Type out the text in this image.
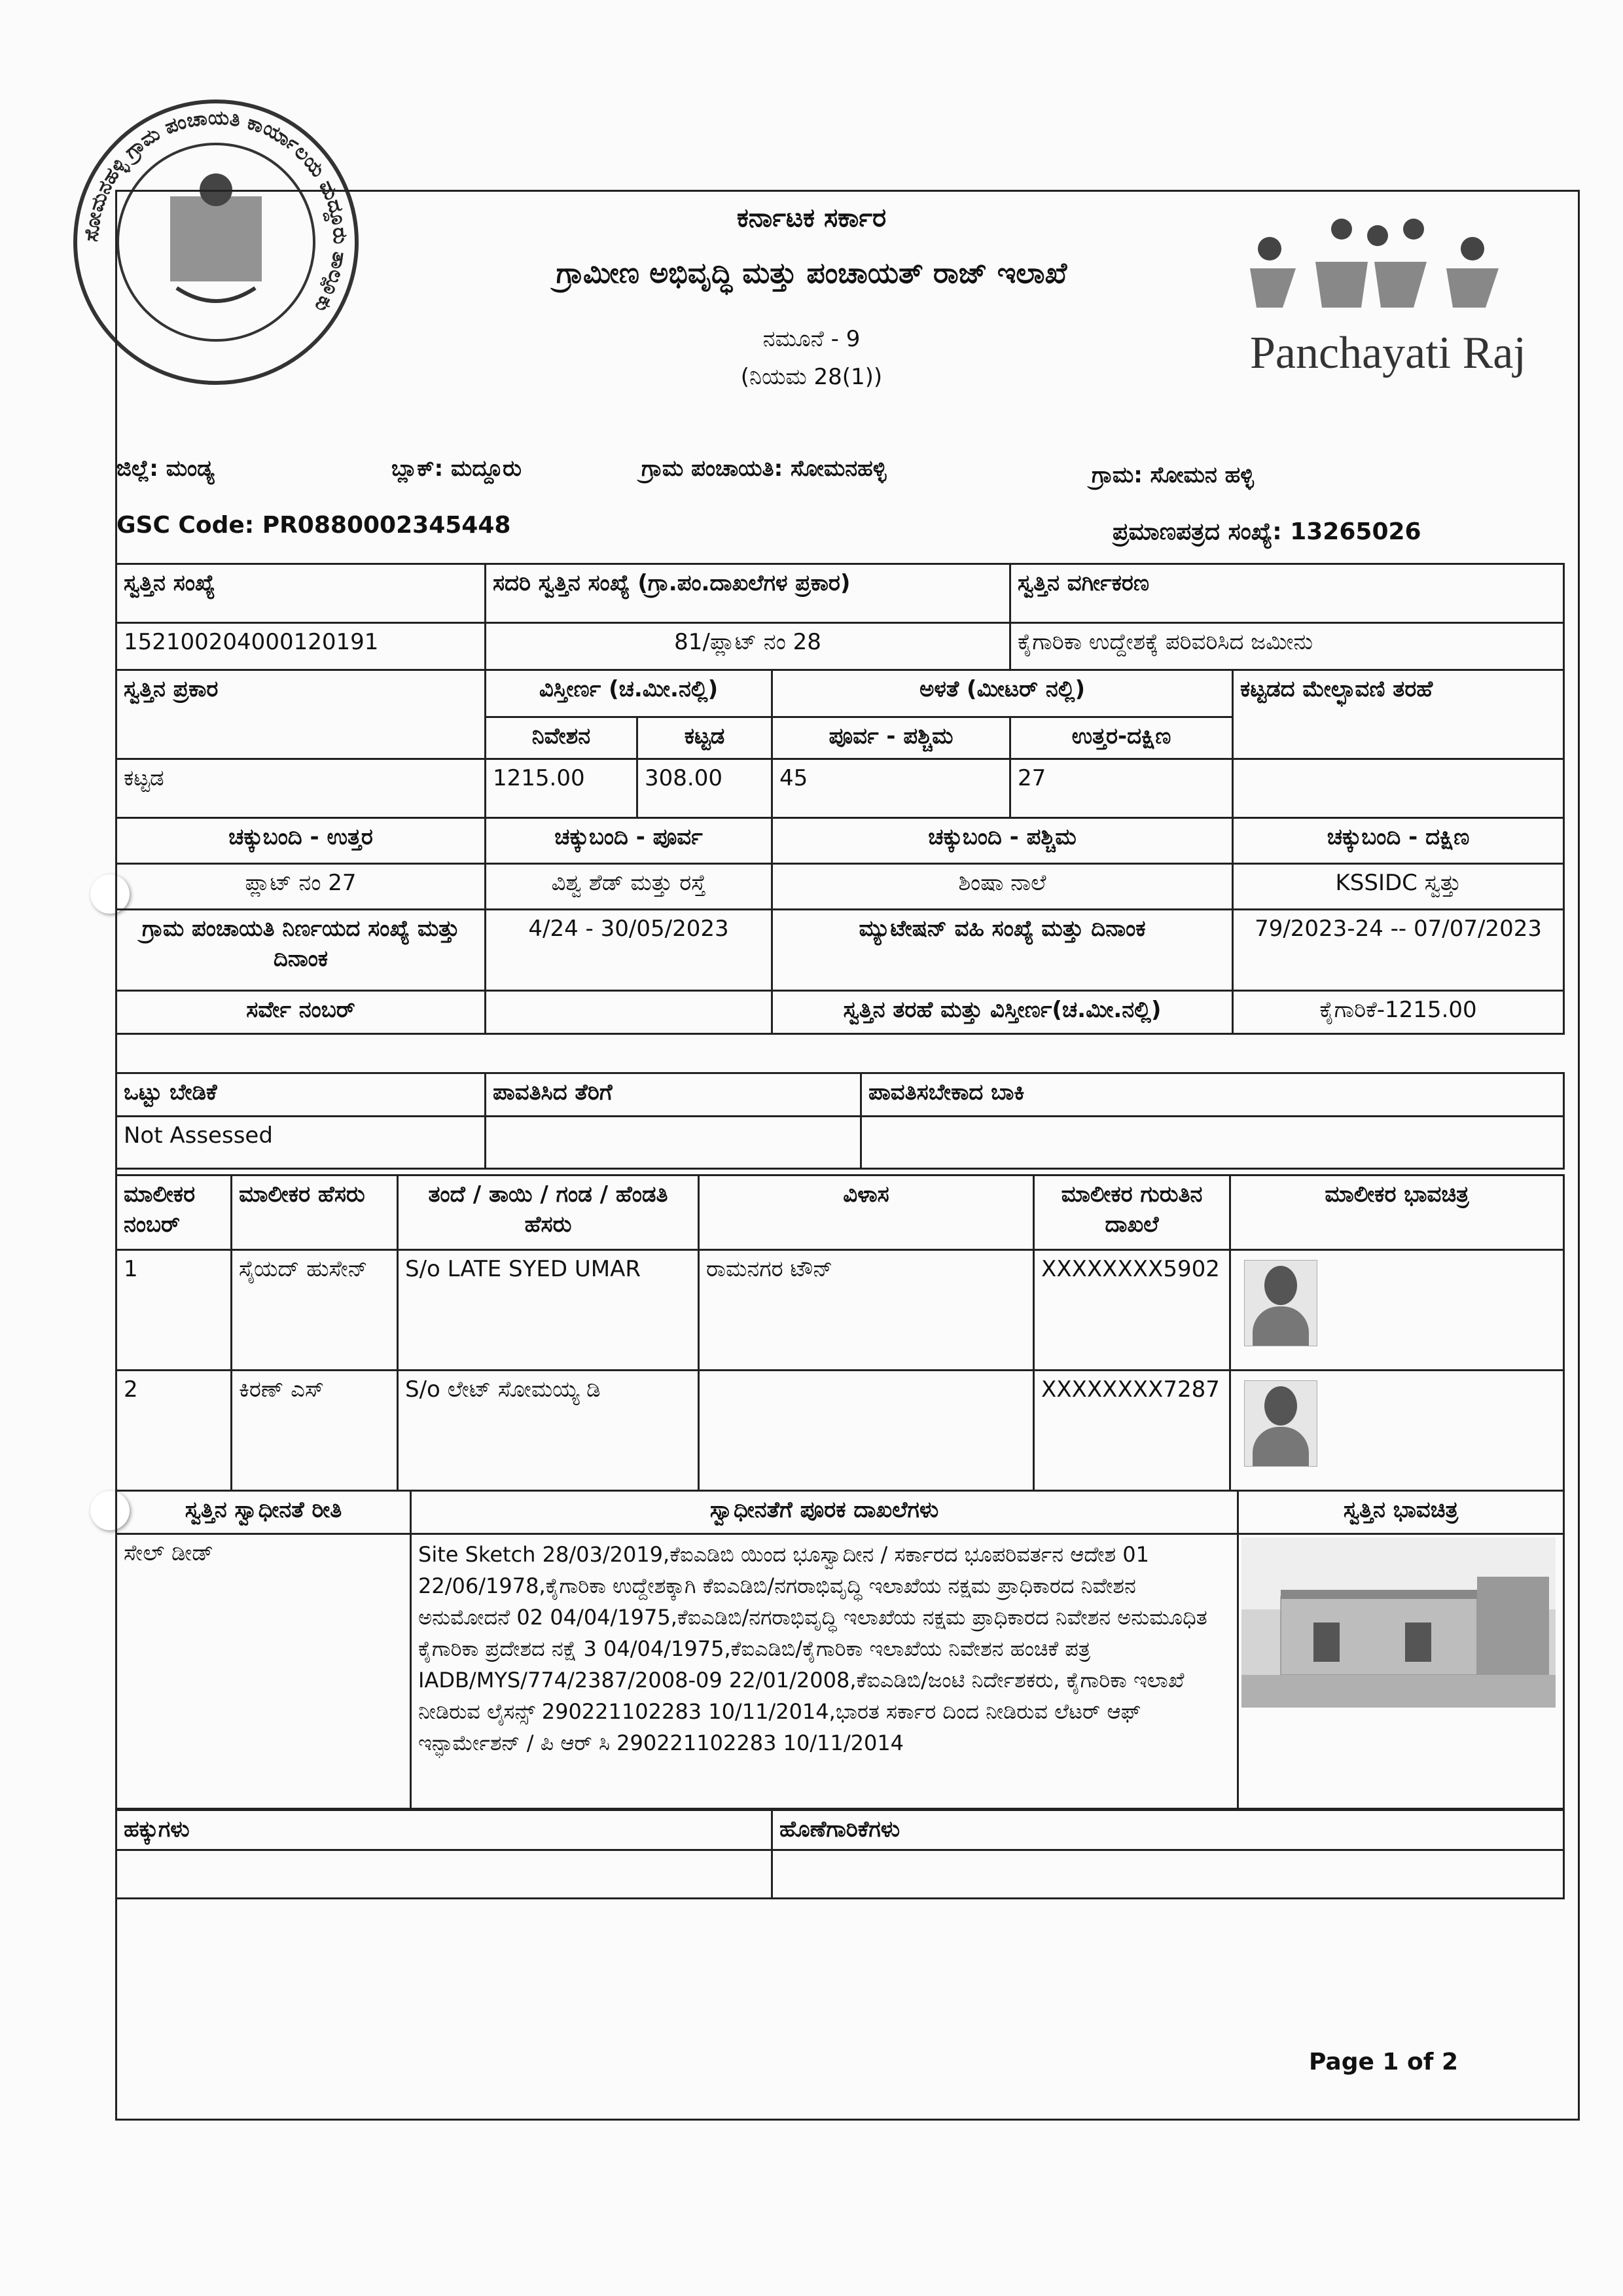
ಸೋಮನಹಳ್ಳಿ ಗ್ರಾಮ ಪಂಚಾಯತಿ ಕಾರ್ಯಾಲಯ ಮದ್ದೂರು ತಾಲ್ಲೂಕು
Panchayati Raj
ಕರ್ನಾಟಕ ಸರ್ಕಾರ
ಗ್ರಾಮೀಣ ಅಭಿವೃದ್ಧಿ ಮತ್ತು ಪಂಚಾಯತ್ ರಾಜ್ ಇಲಾಖೆ
ನಮೂನೆ - 9
(ನಿಯಮ 28(1))
ಜಿಲ್ಲೆ: ಮಂಡ್ಯ	ಬ್ಲಾಕ್: ಮದ್ದೂರು	ಗ್ರಾಮ ಪಂಚಾಯತಿ: ಸೋಮನಹಳ್ಳಿ	ಗ್ರಾಮ: ಸೋಮನ ಹಳ್ಳಿ
GSC Code: PR0880002345448	ಪ್ರಮಾಣಪತ್ರದ ಸಂಖ್ಯೆ: 13265026
ಸ್ವತ್ತಿನ ಸಂಖ್ಯೆ	ಸದರಿ ಸ್ವತ್ತಿನ ಸಂಖ್ಯೆ (ಗ್ರಾ.ಪಂ.ದಾಖಲೆಗಳ ಪ್ರಕಾರ)			ಸ್ವತ್ತಿನ ವರ್ಗೀಕರಣ	
152100204000120191	81/ಪ್ಲಾಟ್ ನಂ 28			ಕೈಗಾರಿಕಾ ಉದ್ದೇಶಕ್ಕೆ ಪರಿವರಿಸಿದ ಜಮೀನು	
ಸ್ವತ್ತಿನ ಪ್ರಕಾರ	ವಿಸ್ತೀರ್ಣ (ಚ.ಮೀ.ನಲ್ಲಿ)		ಅಳತೆ (ಮೀಟರ್ ನಲ್ಲಿ)		ಕಟ್ಟಡದ ಮೇಲ್ಛಾವಣಿ ತರಹೆ
	ನಿವೇಶನ	ಕಟ್ಟಡ	ಪೂರ್ವ - ಪಶ್ಚಿಮ	ಉತ್ತರ-ದಕ್ಷಿಣ	
ಕಟ್ಟಡ	1215.00	308.00	45	27	
ಚಕ್ಕುಬಂದಿ - ಉತ್ತರ	ಚಕ್ಕುಬಂದಿ - ಪೂರ್ವ		ಚಕ್ಕುಬಂದಿ - ಪಶ್ಚಿಮ		ಚಕ್ಕುಬಂದಿ - ದಕ್ಷಿಣ
ಪ್ಲಾಟ್ ನಂ 27	ವಿಶ್ವ ಶೆಡ್ ಮತ್ತು ರಸ್ತೆ		ಶಿಂಷಾ ನಾಲೆ		KSSIDC ಸ್ವತ್ತು
ಗ್ರಾಮ ಪಂಚಾಯತಿ ನಿರ್ಣಯದ ಸಂಖ್ಯೆ ಮತ್ತು ದಿನಾಂಕ	4/24 - 30/05/2023		ಮ್ಯುಟೇಷನ್ ವಹಿ ಸಂಖ್ಯೆ ಮತ್ತು ದಿನಾಂಕ		79/2023-24 -- 07/07/2023
ಸರ್ವೇ ನಂಬರ್			ಸ್ವತ್ತಿನ ತರಹೆ ಮತ್ತು ವಿಸ್ತೀರ್ಣ(ಚ.ಮೀ.ನಲ್ಲಿ)		ಕೈಗಾರಿಕೆ-1215.00
ಒಟ್ಟು ಬೇಡಿಕೆ	ಪಾವತಿಸಿದ ತೆರಿಗೆ	ಪಾವತಿಸಬೇಕಾದ ಬಾಕಿ
Not Assessed		
ಮಾಲೀಕರ ನಂಬರ್	ಮಾಲೀಕರ ಹೆಸರು	ತಂದೆ / ತಾಯಿ / ಗಂಡ / ಹೆಂಡತಿ ಹೆಸರು	ವಿಳಾಸ	ಮಾಲೀಕರ ಗುರುತಿನ ದಾಖಲೆ	ಮಾಲೀಕರ ಭಾವಚಿತ್ರ
1	ಸೈಯದ್ ಹುಸೇನ್	S/o LATE SYED UMAR	ರಾಮನಗರ ಟೌನ್	XXXXXXXX5902	

2	ಕಿರಣ್ ಎಸ್	S/o ಲೇಟ್ ಸೋಮಯ್ಯ ಡಿ		XXXXXXXX7287	
ಸ್ವತ್ತಿನ ಸ್ವಾಧೀನತೆ ರೀತಿ	ಸ್ವಾಧೀನತೆಗೆ ಪೂರಕ ದಾಖಲೆಗಳು	ಸ್ವತ್ತಿನ ಭಾವಚಿತ್ರ
ಸೇಲ್ ಡೀಡ್	Site Sketch 28/03/2019,ಕೆಐಎಡಿಬಿ ಯಿಂದ ಭೂಸ್ವಾದೀನ / ಸರ್ಕಾರದ ಭೂಪರಿವರ್ತನ ಆದೇಶ 01 22/06/1978,ಕೈಗಾರಿಕಾ ಉದ್ದೇಶಕ್ಕಾಗಿ ಕೆಐಎಡಿಬಿ/ನಗರಾಭಿವೃದ್ಧಿ ಇಲಾಖೆಯ ನಕ್ಷಮ ಪ್ರಾಧಿಕಾರದ ನಿವೇಶನ ಅನುಮೋದನೆ 02 04/04/1975,ಕೆಐಎಡಿಬಿ/ನಗರಾಭಿವೃದ್ಧಿ ಇಲಾಖೆಯ ನಕ್ಷಮ ಪ್ರಾಧಿಕಾರದ ನಿವೇಶನ ಅನುಮೂಧಿತ ಕೈಗಾರಿಕಾ ಪ್ರದೇಶದ ನಕ್ಷೆ 3 04/04/1975,ಕೆಐಎಡಿಬಿ/ಕೈಗಾರಿಕಾ ಇಲಾಖೆಯ ನಿವೇಶನ ಹಂಚಿಕೆ ಪತ್ರ IADB/MYS/774/2387/2008-09 22/01/2008,ಕೆಐಎಡಿಬಿ/ಜಂಟಿ ನಿರ್ದೇಶಕರು, ಕೈಗಾರಿಕಾ ಇಲಾಖೆ ನೀಡಿರುವ ಲೈಸನ್ಸ್ 290221102283 10/11/2014,ಭಾರತ ಸರ್ಕಾರ ದಿಂದ ನೀಡಿರುವ ಲೆಟರ್ ಆಫ್ ಇನ್ಫಾರ್ಮೇಶನ್ / ಪಿ ಆರ್ ಸಿ 290221102283 10/11/2014	
ಹಕ್ಕುಗಳು	ಹೊಣೆಗಾರಿಕೆಗಳು

Page 1 of 2
